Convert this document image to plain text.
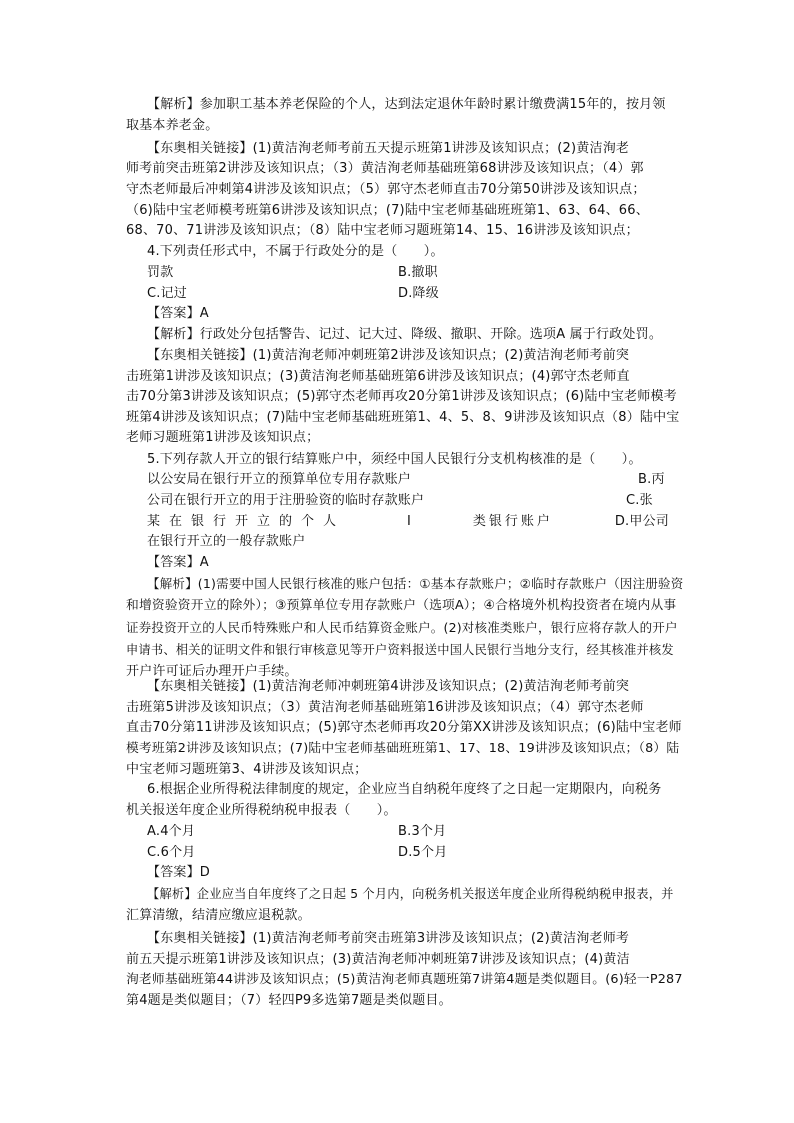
【解析】参加职工基本养老保险的个人，达到法定退休年龄时累计缴费满15年的，按月领
取基本养老金。
【东奥相关链接】(1)黄洁洵老师考前五天提示班第1讲涉及该知识点；(2)黄洁洵老
师考前突击班第2讲涉及该知识点；（3）黄洁洵老师基础班第68讲涉及该知识点；（4）郭
守杰老师最后冲刺第4讲涉及该知识点；（5）郭守杰老师直击70分第50讲涉及该知识点；
（6)陆中宝老师模考班第6讲涉及该知识点；(7)陆中宝老师基础班班第1、63、64、66、
68、70、71讲涉及该知识点；（8）陆中宝老师习题班第14、15、16讲涉及该知识点；
4.下列责任形式中，不属于行政处分的是（　　）。
罚款	B.撤职
C.记过	D.降级
【答案】A
【解析】行政处分包括警告、记过、记大过、降级、撤职、开除。选项A 属于行政处罚。
【东奥相关链接】(1)黄洁洵老师冲刺班第2讲涉及该知识点；(2)黄洁洵老师考前突
击班第1讲涉及该知识点；(3)黄洁洵老师基础班第6讲涉及该知识点；(4)郭守杰老师直
击70分第3讲涉及该知识点；(5)郭守杰老师再攻20分第1讲涉及该知识点；(6)陆中宝老师模考
班第4讲涉及该知识点；(7)陆中宝老师基础班班第1、4、5、8、9讲涉及该知识点（8）陆中宝
老师习题班第1讲涉及该知识点；
5.下列存款人开立的银行结算账户中，须经中国人民银行分支机构核准的是（　　）。
以公安局在银行开立的预算单位专用存款账户	B.丙
公司在银行开立的用于注册验资的临时存款账户	C.张
某在银行开立的个人	Ⅰ	类银行账户	D.甲公司
在银行开立的一般存款账户
【答案】A
【解析】(1)需要中国人民银行核准的账户包括：①基本存款账户；②临时存款账户（因注册验资
和增资验资开立的除外）；③预算单位专用存款账户（选项A）；④合格境外机构投资者在境内从事
证券投资开立的人民币特殊账户和人民币结算资金账户。(2)对核准类账户，银行应将存款人的开户
申请书、相关的证明文件和银行审核意见等开户资料报送中国人民银行当地分支行，经其核准并核发
开户许可证后办理开户手续。
【东奥相关链接】(1)黄洁洵老师冲刺班第4讲涉及该知识点；(2)黄洁洵老师考前突
击班第5讲涉及该知识点；（3）黄洁洵老师基础班第16讲涉及该知识点；（4）郭守杰老师
直击70分第11讲涉及该知识点；(5)郭守杰老师再攻20分第XX讲涉及该知识点；(6)陆中宝老师
模考班第2讲涉及该知识点；(7)陆中宝老师基础班班第1、17、18、19讲涉及该知识点；（8）陆
中宝老师习题班第3、4讲涉及该知识点；
6.根据企业所得税法律制度的规定，企业应当自纳税年度终了之日起一定期限内，向税务
机关报送年度企业所得税纳税申报表（　　）。
A.4个月	B.3个月
C.6个月	D.5个月
【答案】D
【解析】企业应当自年度终了之日起 5 个月内，向税务机关报送年度企业所得税纳税申报表，并
汇算清缴，结清应缴应退税款。
【东奥相关链接】(1)黄洁洵老师考前突击班第3讲涉及该知识点；(2)黄洁洵老师考
前五天提示班第1讲涉及该知识点；(3)黄洁洵老师冲刺班第7讲涉及该知识点；(4)黄洁
洵老师基础班第44讲涉及该知识点；(5)黄洁洵老师真题班第7讲第4题是类似题目。(6)轻一P287
第4题是类似题目；（7）轻四P9多选第7题是类似题目。
